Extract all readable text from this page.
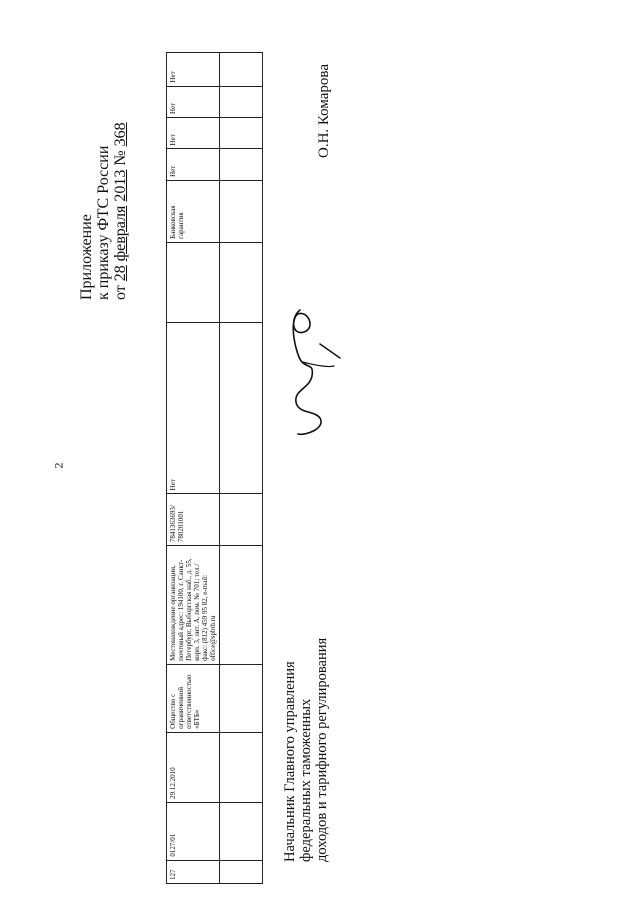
2
Приложение к приказу ФТС России от 28 февраля 2013 № 368
127	0127/01	29.12.2010	Общество с ограниченной ответственностью «БТБ»	Местонахождение организации, почтовый адрес: 194100, г. Санкт-Петербург, Выборгская наб., д. 55, корп. 3, лит. А, пом. № 701; тел./ факс: (812) 459 95 82, e-mail: office@spbtb.ru	7841363693/ 780201001	Нет		Банковская гарантия	Нет	Нет	Нет	Нет
													О.Н. Комарова
Начальник Главного управления федеральных таможенных доходов и тарифного регулирования
